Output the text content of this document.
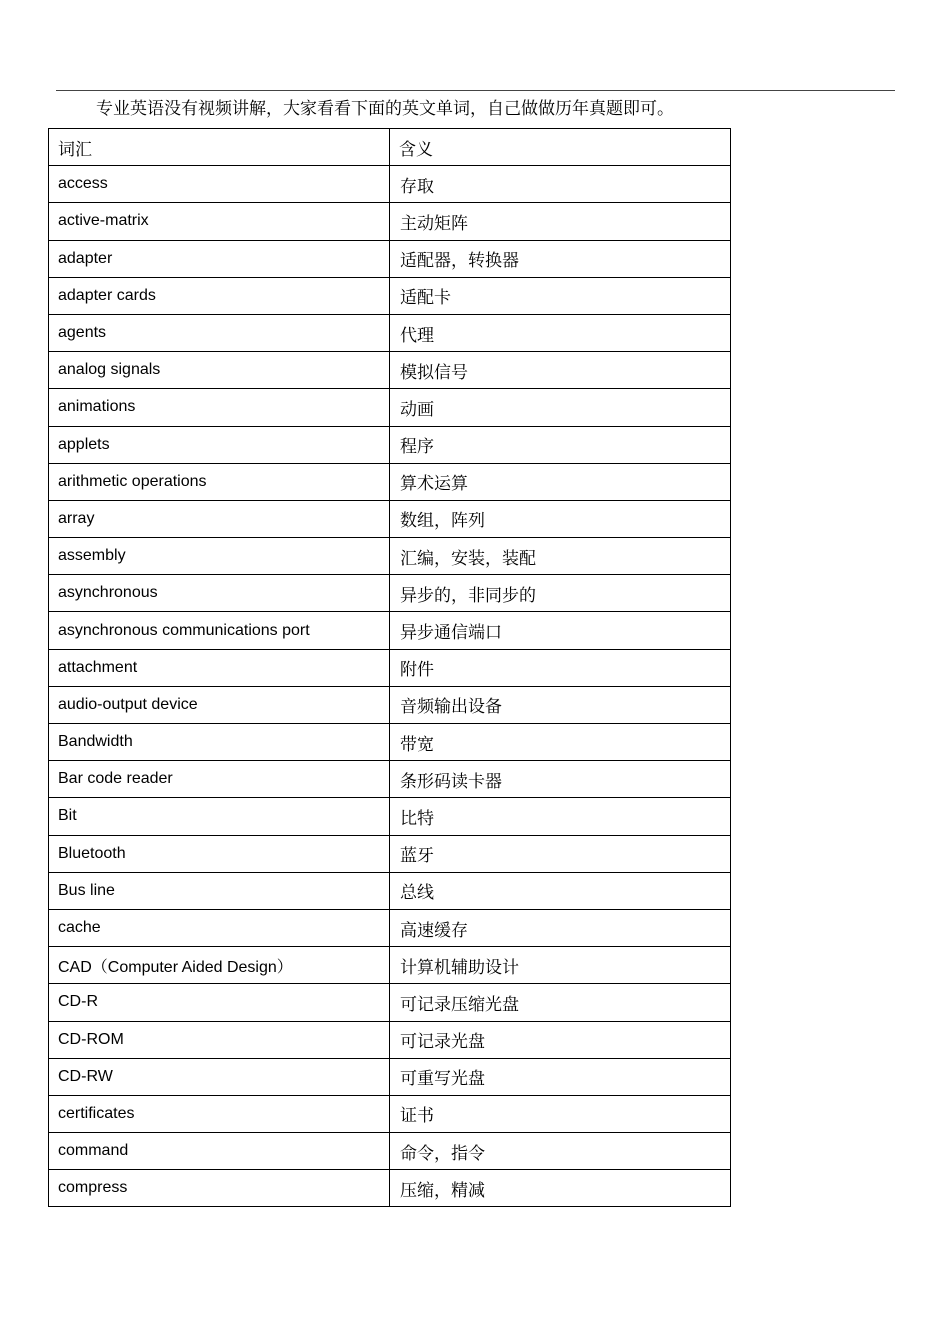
专业英语没有视频讲解，大家看看下面的英文单词，自己做做历年真题即可。
词汇	含义
access	存取
active-matrix	主动矩阵
adapter	适配器，转换器
adapter cards	适配卡
agents	代理
analog signals	模拟信号
animations	动画
applets	程序
arithmetic operations	算术运算
array	数组，阵列
assembly	汇编，安装，装配
asynchronous	异步的，非同步的
asynchronous communications port	异步通信端口
attachment	附件
audio-output device	音频输出设备
Bandwidth	带宽
Bar code reader	条形码读卡器
Bit	比特
Bluetooth	蓝牙
Bus line	总线
cache	高速缓存
CAD（Computer Aided Design）	计算机辅助设计
CD-R	可记录压缩光盘
CD-ROM	可记录光盘
CD-RW	可重写光盘
certificates	证书
command	命令，指令
compress	压缩，精减
